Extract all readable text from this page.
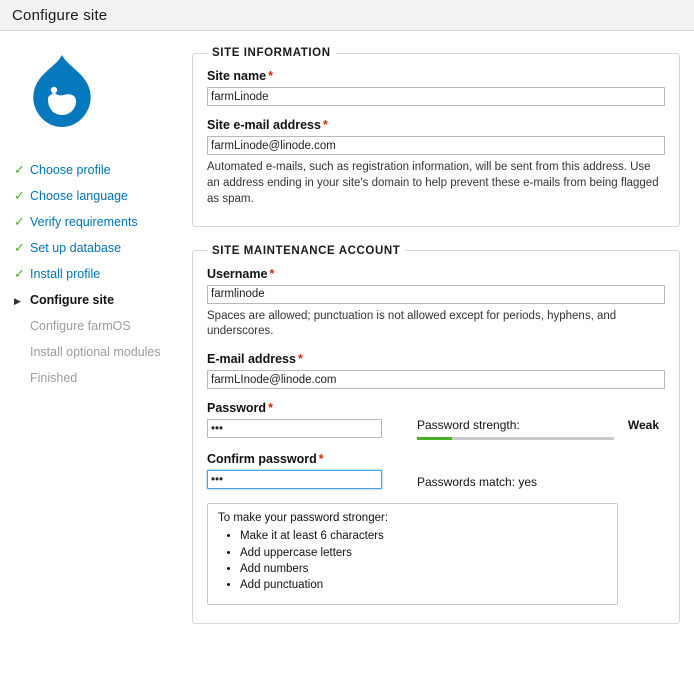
Configure site
✓ Choose profile
✓ Choose language
✓ Verify requirements
✓ Set up database
✓ Install profile
▶ Configure site
Configure farmOS
Install optional modules
Finished
SITE INFORMATION
Site name *
farmLinode
Site e-mail address *
farmLinode@linode.com
Automated e-mails, such as registration information, will be sent from this address. Use an address ending in your site's domain to help prevent these e-mails from being flagged as spam.
SITE MAINTENANCE ACCOUNT
Username *
farmlinode
Spaces are allowed; punctuation is not allowed except for periods, hyphens, and underscores.
E-mail address *
farmLInode@linode.com
Password *
•••
Password strength:	Weak
Confirm password *
•••
Passwords match: yes
To make your password stronger:
• Make it at least 6 characters
• Add uppercase letters
• Add numbers
• Add punctuation
